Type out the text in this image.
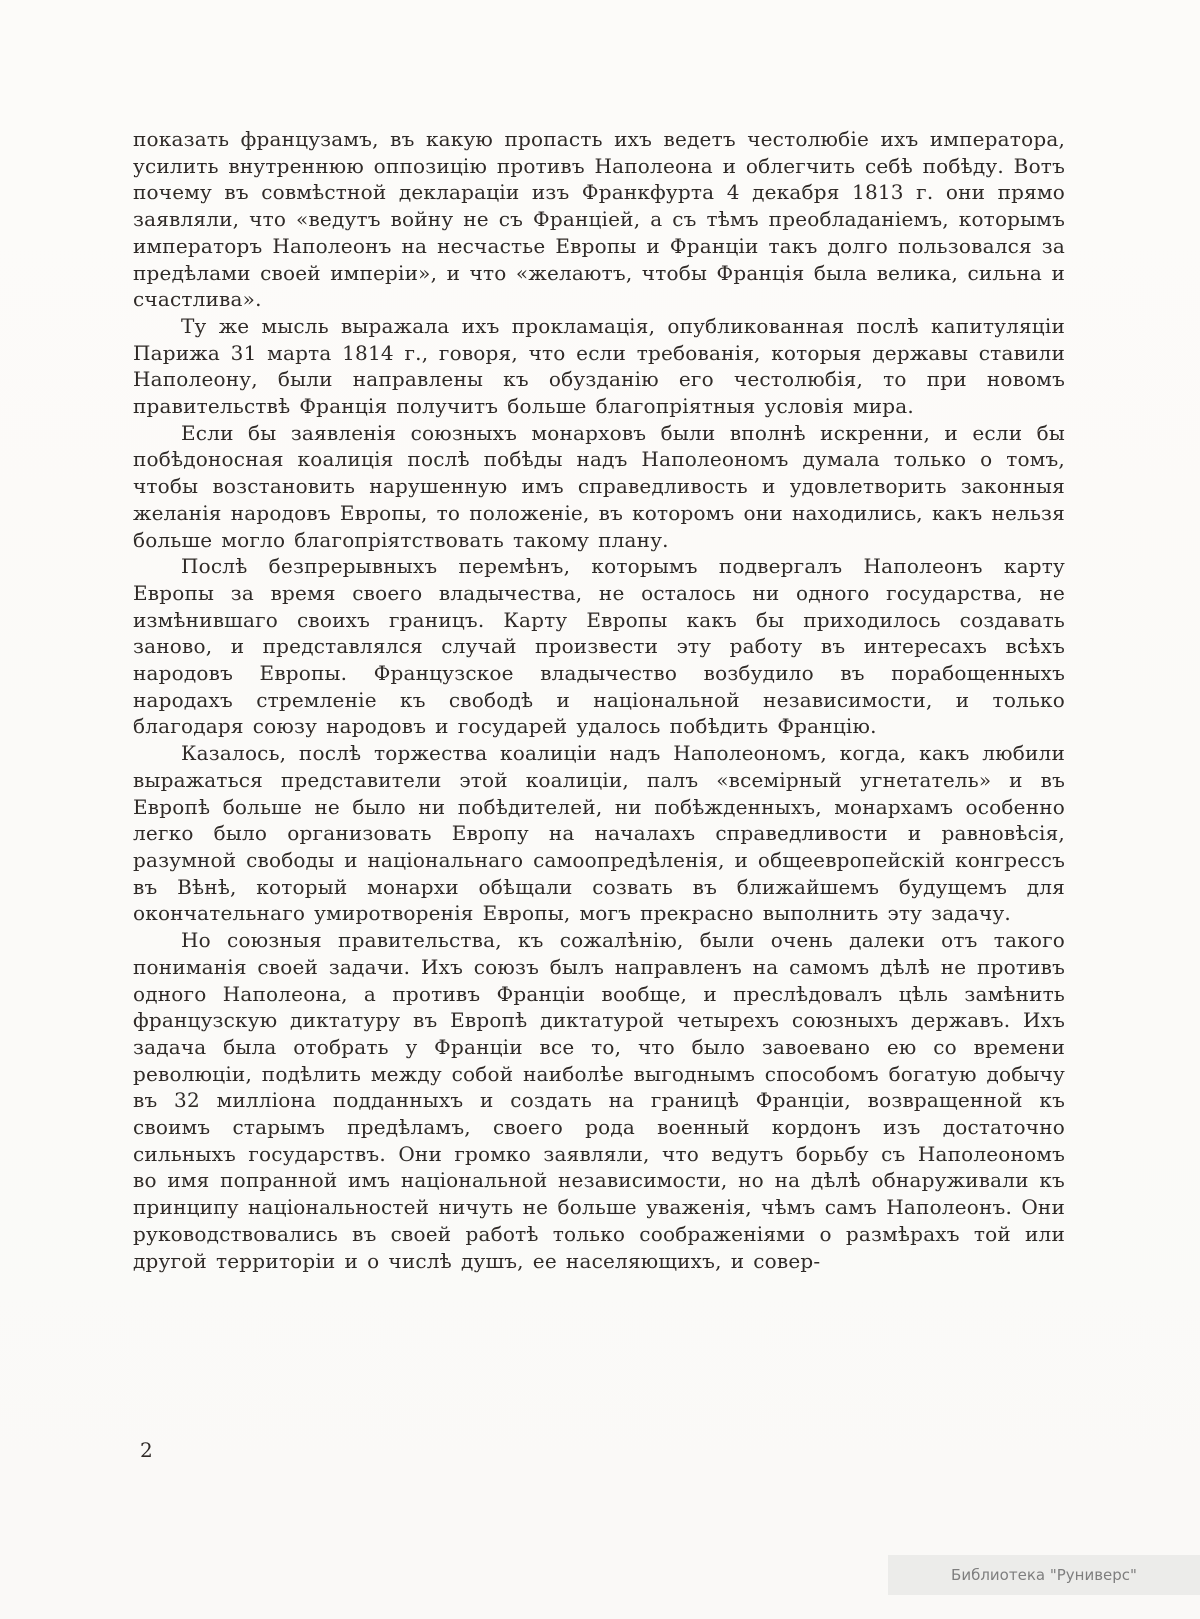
показать французамъ, въ какую пропасть ихъ ведетъ честолюбіе ихъ императора, усилить внутреннюю оппозицію противъ Наполеона и облегчить себѣ побѣду. Вотъ почему въ совмѣстной деклараціи изъ Франкфурта 4 декабря 1813 г. они прямо заявляли, что «ведутъ войну не съ Франціей, а съ тѣмъ преобладаніемъ, которымъ императоръ Наполеонъ на несчастье Европы и Франціи такъ долго пользовался за предѣлами своей имперіи», и что «желаютъ, чтобы Франція была велика, сильна и счастлива».

Ту же мысль выражала ихъ прокламація, опубликованная послѣ капитуляціи Парижа 31 марта 1814 г., говоря, что если требованія, которыя державы ставили Наполеону, были направлены къ обузданію его честолюбія, то при новомъ правительствѣ Франція получитъ больше благопріятныя условія мира.

Если бы заявленія союзныхъ монарховъ были вполнѣ искренни, и если бы побѣдоносная коалиція послѣ побѣды надъ Наполеономъ думала только о томъ, чтобы возстановить нарушенную имъ справедливость и удовлетворить законныя желанія народовъ Европы, то положеніе, въ которомъ они находились, какъ нельзя больше могло благопріятствовать такому плану.

Послѣ безпрерывныхъ перемѣнъ, которымъ подвергалъ Наполеонъ карту Европы за время своего владычества, не осталось ни одного государства, не измѣнившаго своихъ границъ. Карту Европы какъ бы приходилось создавать заново, и представлялся случай произвести эту работу въ интересахъ всѣхъ народовъ Европы. Французское владычество возбудило въ порабощенныхъ народахъ стремленіе къ свободѣ и національной независимости, и только благодаря союзу народовъ и государей удалось побѣдить Францію.

Казалось, послѣ торжества коалиціи надъ Наполеономъ, когда, какъ любили выражаться представители этой коалиціи, палъ «всемірный угнетатель» и въ Европѣ больше не было ни побѣдителей, ни побѣжденныхъ, монархамъ особенно легко было организовать Европу на началахъ справедливости и равновѣсія, разумной свободы и національнаго самоопредѣленія, и общеевропейскій конгрессъ въ Вѣнѣ, который монархи обѣщали созвать въ ближайшемъ будущемъ для окончательнаго умиротворенія Европы, могъ прекрасно выполнить эту задачу.

Но союзныя правительства, къ сожалѣнію, были очень далеки отъ такого пониманія своей задачи. Ихъ союзъ былъ направленъ на самомъ дѣлѣ не противъ одного Наполеона, а противъ Франціи вообще, и преслѣдовалъ цѣль замѣнить французскую диктатуру въ Европѣ диктатурой четырехъ союзныхъ державъ. Ихъ задача была отобрать у Франціи все то, что было завоевано ею со времени революціи, подѣлить между собой наиболѣе выгоднымъ способомъ богатую добычу въ 32 милліона подданныхъ и создать на границѣ Франціи, возвращенной къ своимъ старымъ предѣламъ, своего рода военный кордонъ изъ достаточно сильныхъ государствъ. Они громко заявляли, что ведутъ борьбу съ Наполеономъ во имя попранной имъ національной независимости, но на дѣлѣ обнаруживали къ принципу національностей ничуть не больше уваженія, чѣмъ самъ Наполеонъ. Они руководствовались въ своей работѣ только соображеніями о размѣрахъ той или другой территоріи и о числѣ душъ, ее населяющихъ, и совер-

2
Библиотека "Руниверс"
